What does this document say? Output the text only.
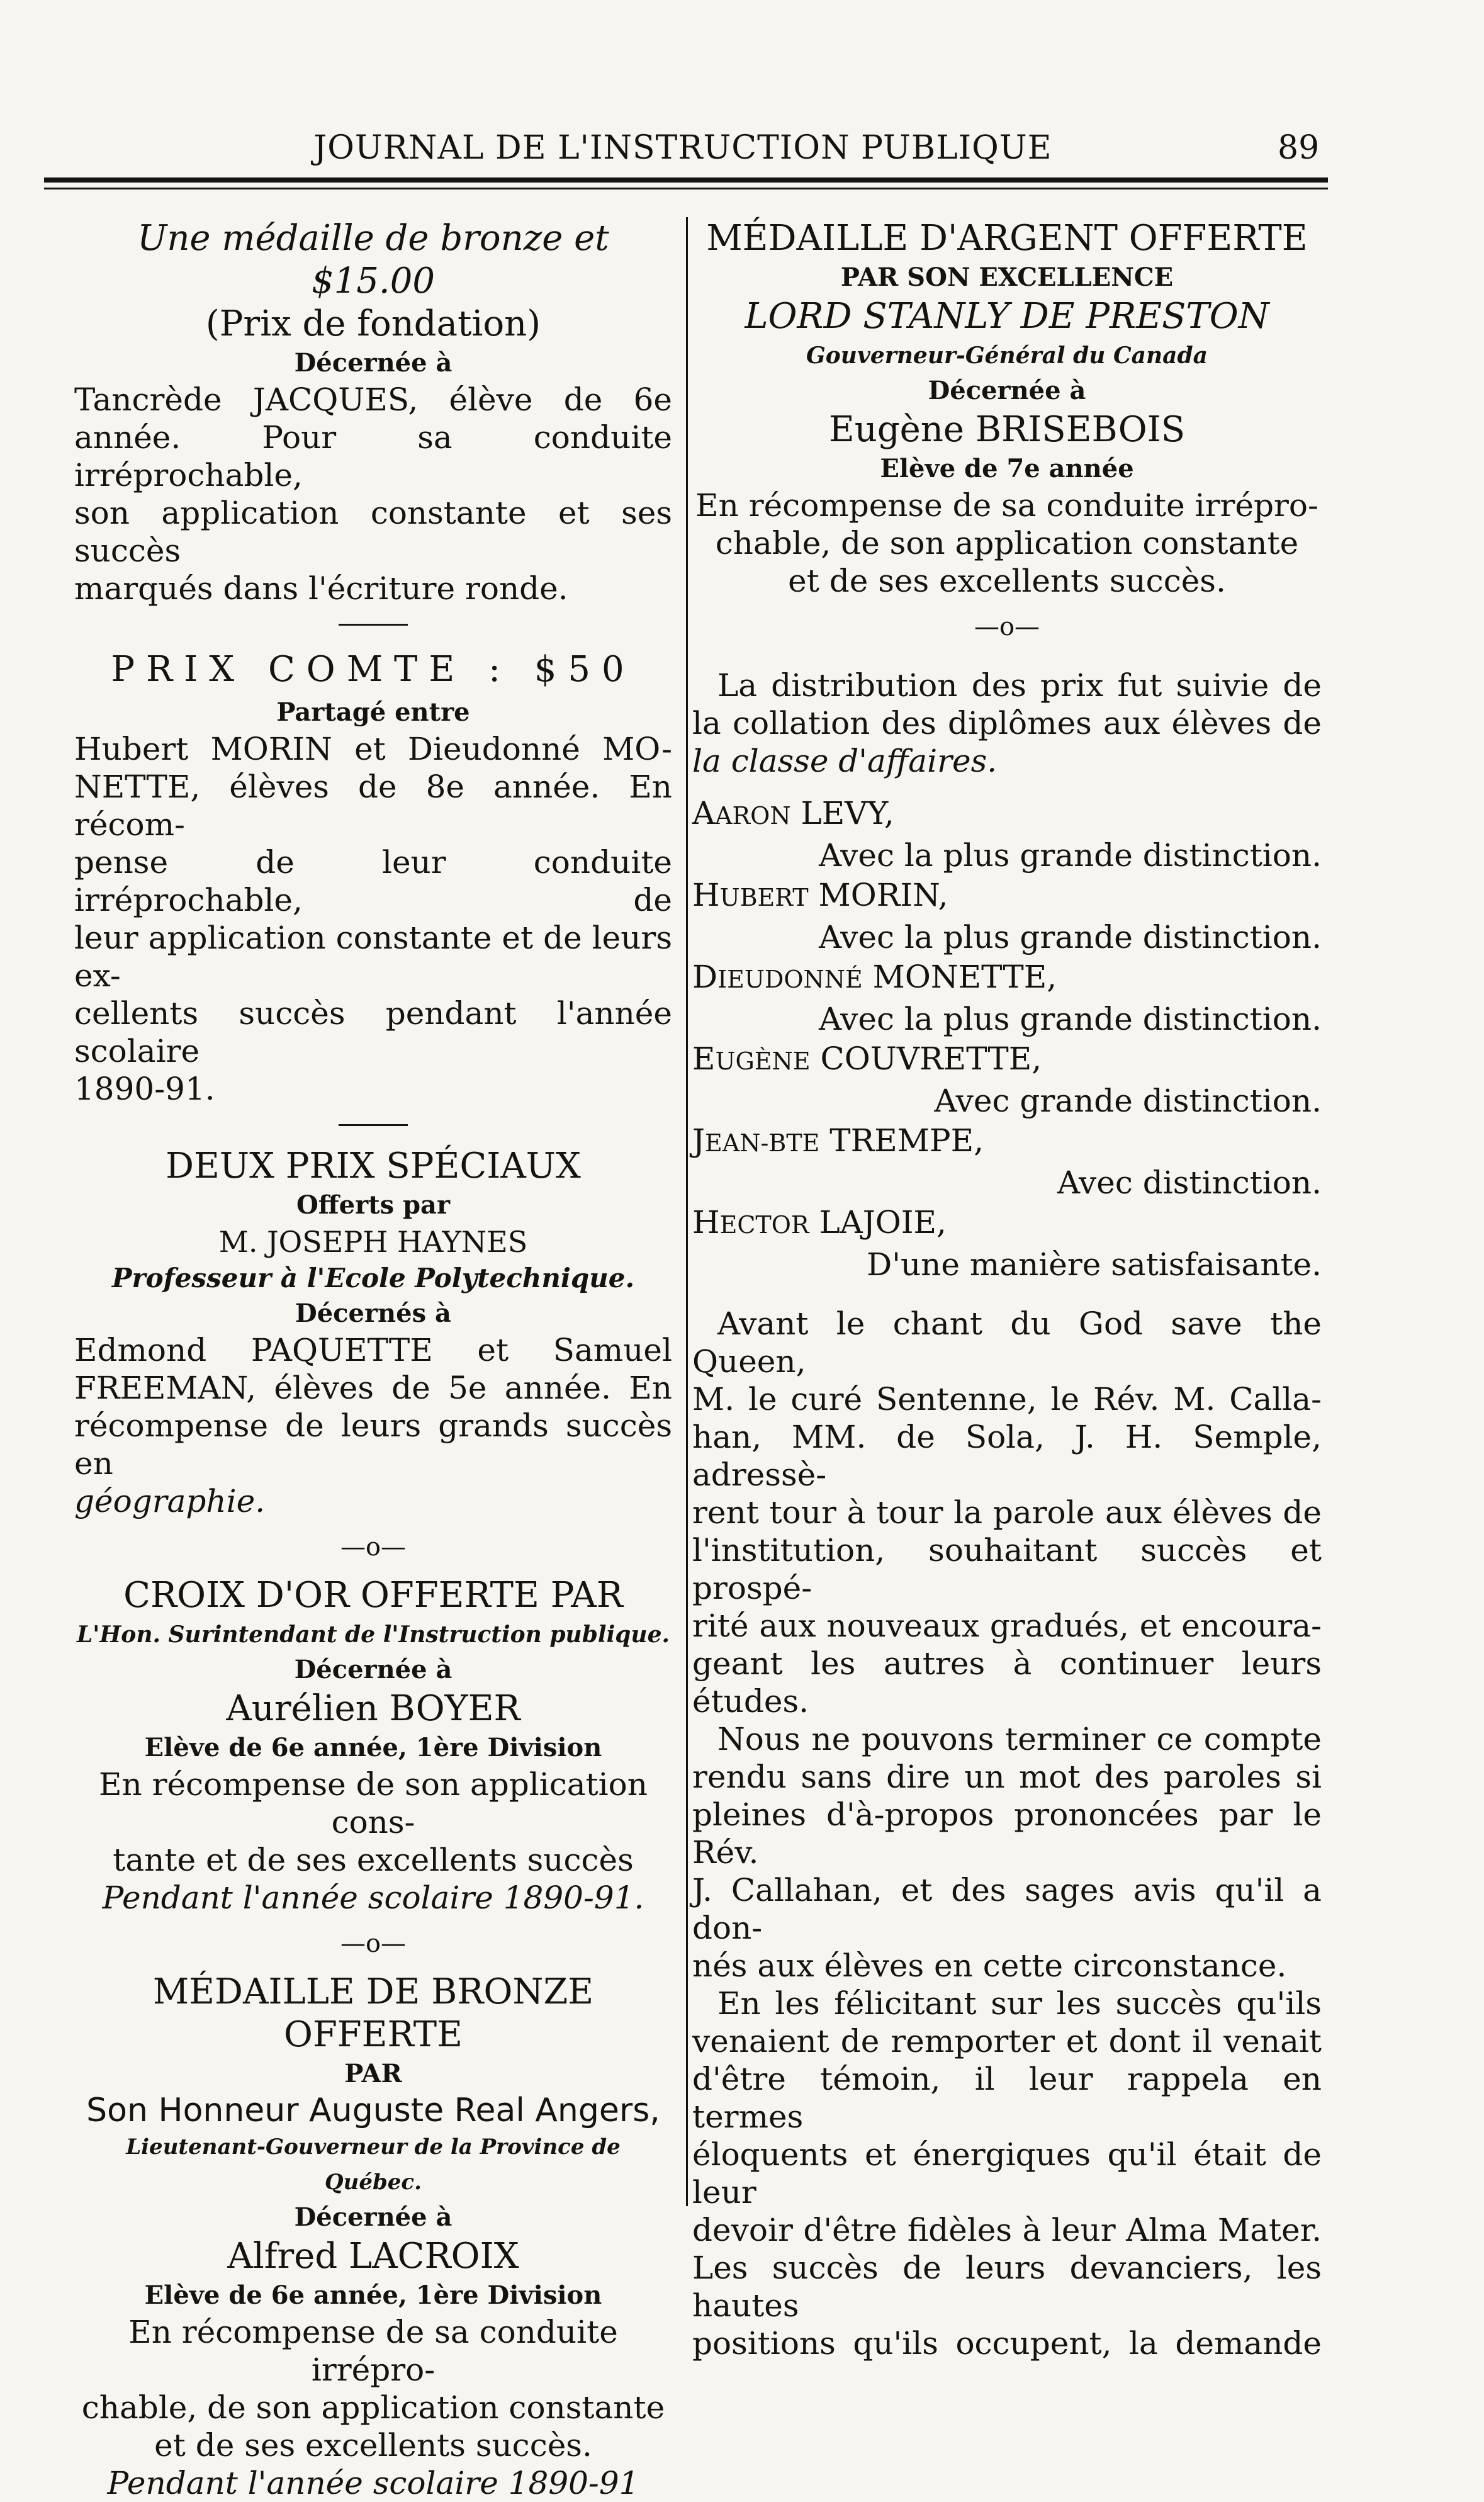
JOURNAL DE L'INSTRUCTION PUBLIQUE	89
Une médaille de bronze et $15.00
(Prix de fondation)
Décernée à
Tancrède JACQUES, élève de 6e
année. Pour sa conduite irréprochable,
son application constante et ses succès
marqués dans l'écriture ronde.
PRIX COMTE : $50
Partagé entre
Hubert MORIN et Dieudonné MO-
NETTE, élèves de 8e année. En récom-
pense de leur conduite irréprochable, de
leur application constante et de leurs ex-
cellents succès pendant l'année scolaire
1890-91.
DEUX PRIX SPÉCIAUX
Offerts par
M. JOSEPH HAYNES
Professeur à l'Ecole Polytechnique.
Décernés à
Edmond PAQUETTE et Samuel
FREEMAN, élèves de 5e année. En
récompense de leurs grands succès en
géographie.
—o—
CROIX D'OR OFFERTE PAR
L'Hon. Surintendant de l'Instruction publique.
Décernée à
Aurélien BOYER
Elève de 6e année, 1ère Division
En récompense de son application cons-
tante et de ses excellents succès
Pendant l'année scolaire 1890-91.
—o—
MÉDAILLE DE BRONZE OFFERTE
PAR
Son Honneur Auguste Real Angers,
Lieutenant-Gouverneur de la Province de Québec.
Décernée à
Alfred LACROIX
Elève de 6e année, 1ère Division
En récompense de sa conduite irrépro-
chable, de son application constante
et de ses excellents succès.
Pendant l'année scolaire 1890-91
MÉDAILLE D'ARGENT OFFERTE
PAR SON EXCELLENCE
LORD STANLY DE PRESTON
Gouverneur-Général du Canada
Décernée à
Eugène BRISEBOIS
Elève de 7e année
En récompense de sa conduite irrépro-
chable, de son application constante
et de ses excellents succès.
—o—
La distribution des prix fut suivie de
la collation des diplômes aux élèves de
la classe d'affaires.
AARON LEVY,
Avec la plus grande distinction.
HUBERT MORIN,
Avec la plus grande distinction.
DIEUDONNÉ MONETTE,
Avec la plus grande distinction.
EUGÈNE COUVRETTE,
Avec grande distinction.
JEAN-BTE TREMPE,
Avec distinction.
HECTOR LAJOIE,
D'une manière satisfaisante.
Avant le chant du God save the Queen,
M. le curé Sentenne, le Rév. M. Calla-
han, MM. de Sola, J. H. Semple, adressè-
rent tour à tour la parole aux élèves de
l'institution, souhaitant succès et prospé-
rité aux nouveaux gradués, et encoura-
geant les autres à continuer leurs études.
Nous ne pouvons terminer ce compte
rendu sans dire un mot des paroles si
pleines d'à-propos prononcées par le Rév.
J. Callahan, et des sages avis qu'il a don-
nés aux élèves en cette circonstance.
En les félicitant sur les succès qu'ils
venaient de remporter et dont il venait
d'être témoin, il leur rappela en termes
éloquents et énergiques qu'il était de leur
devoir d'être fidèles à leur Alma Mater.
Les succès de leurs devanciers, les hautes
positions qu'ils occupent, la demande
